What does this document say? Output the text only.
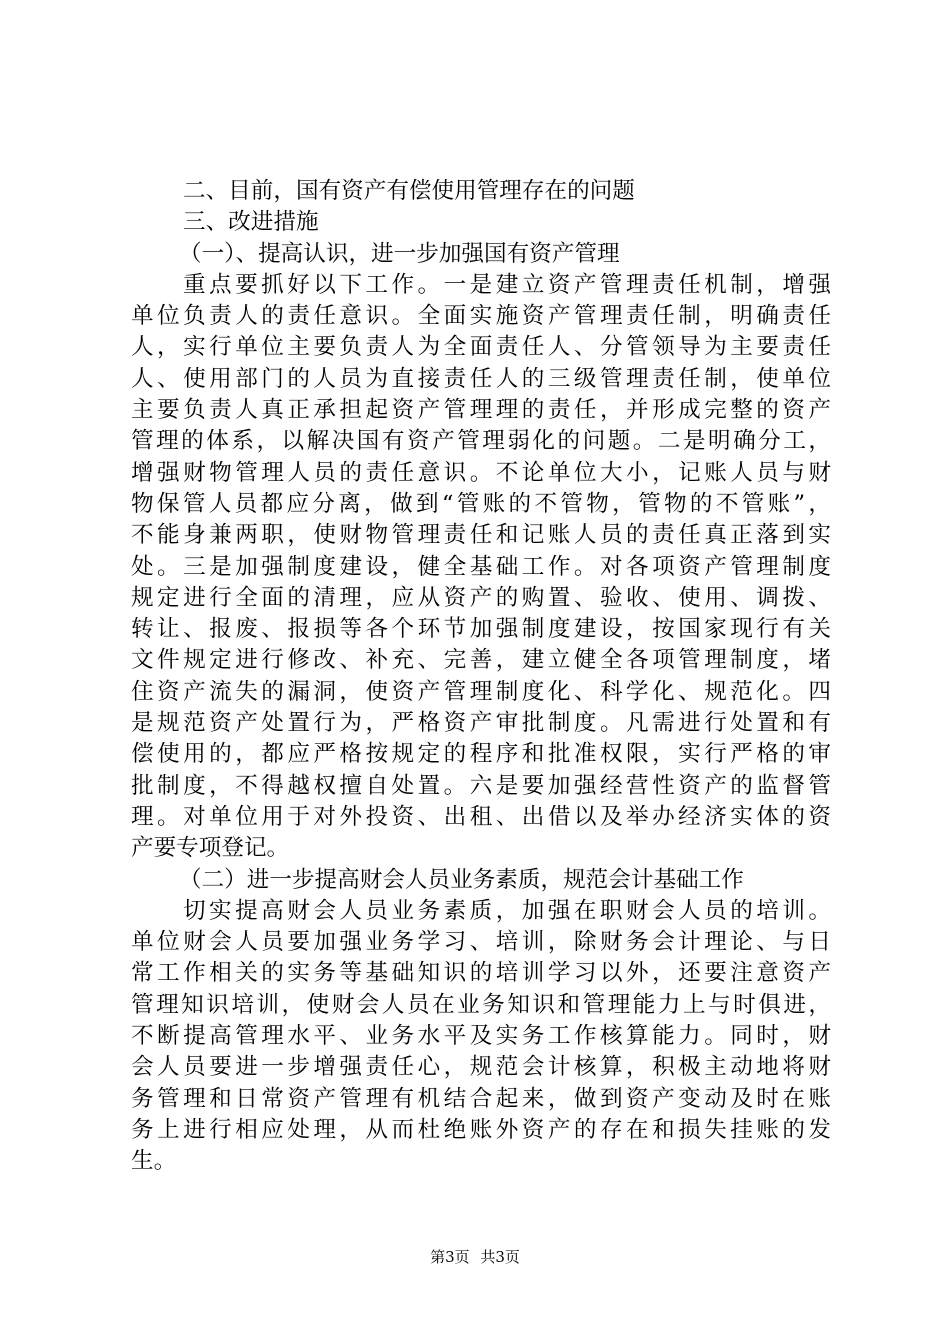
二、目前，国有资产有偿使用管理存在的问题
三、改进措施
（一）、提高认识，进一步加强国有资产管理
重点要抓好以下工作。一是建立资产管理责任机制，增强
单位负责人的责任意识。全面实施资产管理责任制，明确责任
人，实行单位主要负责人为全面责任人、分管领导为主要责任
人、使用部门的人员为直接责任人的三级管理责任制，使单位
主要负责人真正承担起资产管理理的责任，并形成完整的资产
管理的体系，以解决国有资产管理弱化的问题。二是明确分工，
增强财物管理人员的责任意识。不论单位大小，记账人员与财
物保管人员都应分离，做到“管账的不管物，管物的不管账”，
不能身兼两职，使财物管理责任和记账人员的责任真正落到实
处。三是加强制度建设，健全基础工作。对各项资产管理制度
规定进行全面的清理，应从资产的购置、验收、使用、调拨、
转让、报废、报损等各个环节加强制度建设，按国家现行有关
文件规定进行修改、补充、完善，建立健全各项管理制度，堵
住资产流失的漏洞，使资产管理制度化、科学化、规范化。四
是规范资产处置行为，严格资产审批制度。凡需进行处置和有
偿使用的，都应严格按规定的程序和批准权限，实行严格的审
批制度，不得越权擅自处置。六是要加强经营性资产的监督管
理。对单位用于对外投资、出租、出借以及举办经济实体的资
产要专项登记。
（二）进一步提高财会人员业务素质，规范会计基础工作
切实提高财会人员业务素质，加强在职财会人员的培训。
单位财会人员要加强业务学习、培训，除财务会计理论、与日
常工作相关的实务等基础知识的培训学习以外，还要注意资产
管理知识培训，使财会人员在业务知识和管理能力上与时俱进，
不断提高管理水平、业务水平及实务工作核算能力。同时，财
会人员要进一步增强责任心，规范会计核算，积极主动地将财
务管理和日常资产管理有机结合起来，做到资产变动及时在账
务上进行相应处理，从而杜绝账外资产的存在和损失挂账的发
生。
第3页 共3页
